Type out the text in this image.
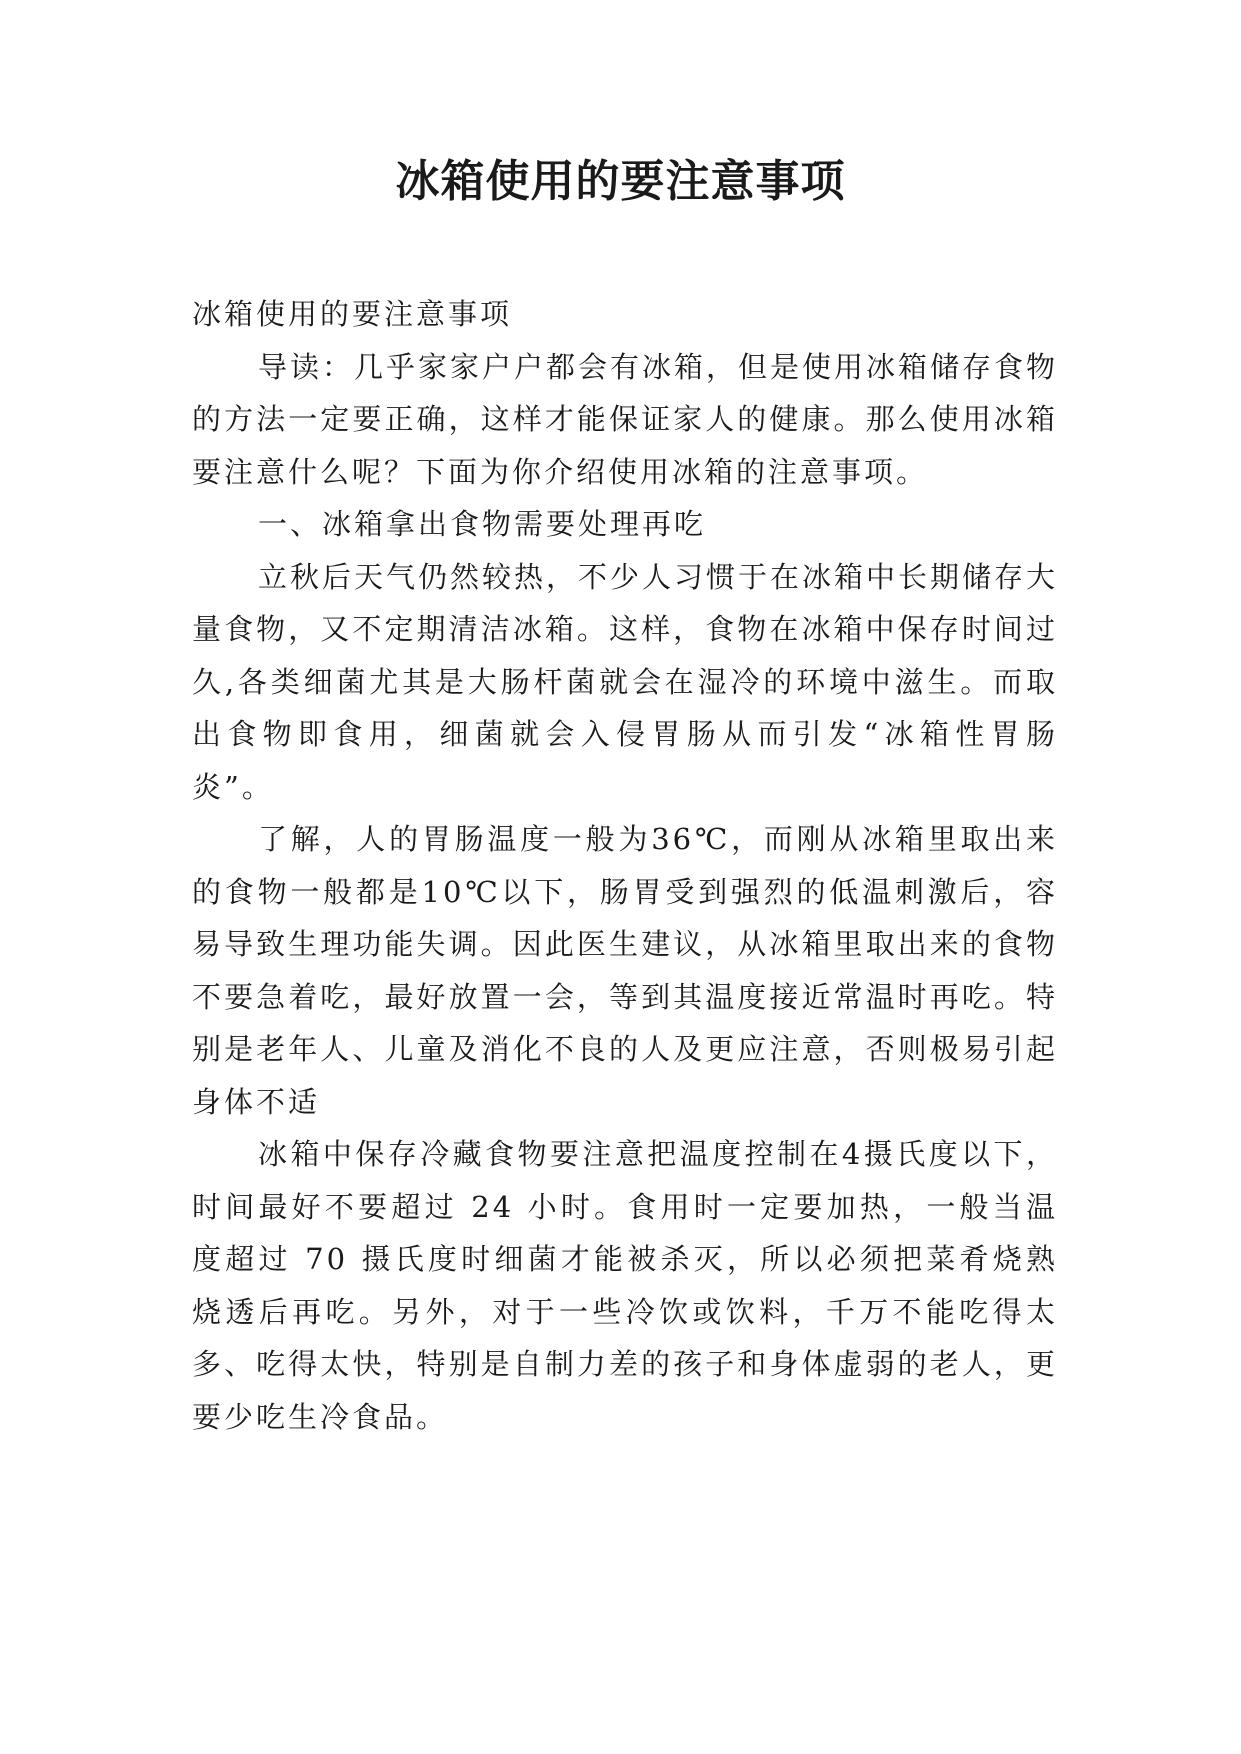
冰箱使用的要注意事项

冰箱使用的要注意事项

导读：几乎家家户户都会有冰箱，但是使用冰箱储存食物的方法一定要正确，这样才能保证家人的健康。那么使用冰箱要注意什么呢？下面为你介绍使用冰箱的注意事项。

一、冰箱拿出食物需要处理再吃

立秋后天气仍然较热，不少人习惯于在冰箱中长期储存大量食物，又不定期清洁冰箱。这样，食物在冰箱中保存时间过久,各类细菌尤其是大肠杆菌就会在湿冷的环境中滋生。而取出食物即食用，细菌就会入侵胃肠从而引发“冰箱性胃肠炎”。

了解，人的胃肠温度一般为36℃，而刚从冰箱里取出来的食物一般都是10℃以下，肠胃受到强烈的低温刺激后，容易导致生理功能失调。因此医生建议，从冰箱里取出来的食物不要急着吃，最好放置一会，等到其温度接近常温时再吃。特别是老年人、儿童及消化不良的人及更应注意，否则极易引起身体不适

冰箱中保存冷藏食物要注意把温度控制在4摄氏度以下，时间最好不要超过 24 小时。食用时一定要加热，一般当温度超过 70 摄氏度时细菌才能被杀灭，所以必须把菜肴烧熟烧透后再吃。另外，对于一些冷饮或饮料，千万不能吃得太多、吃得太快，特别是自制力差的孩子和身体虚弱的老人，更要少吃生冷食品。
